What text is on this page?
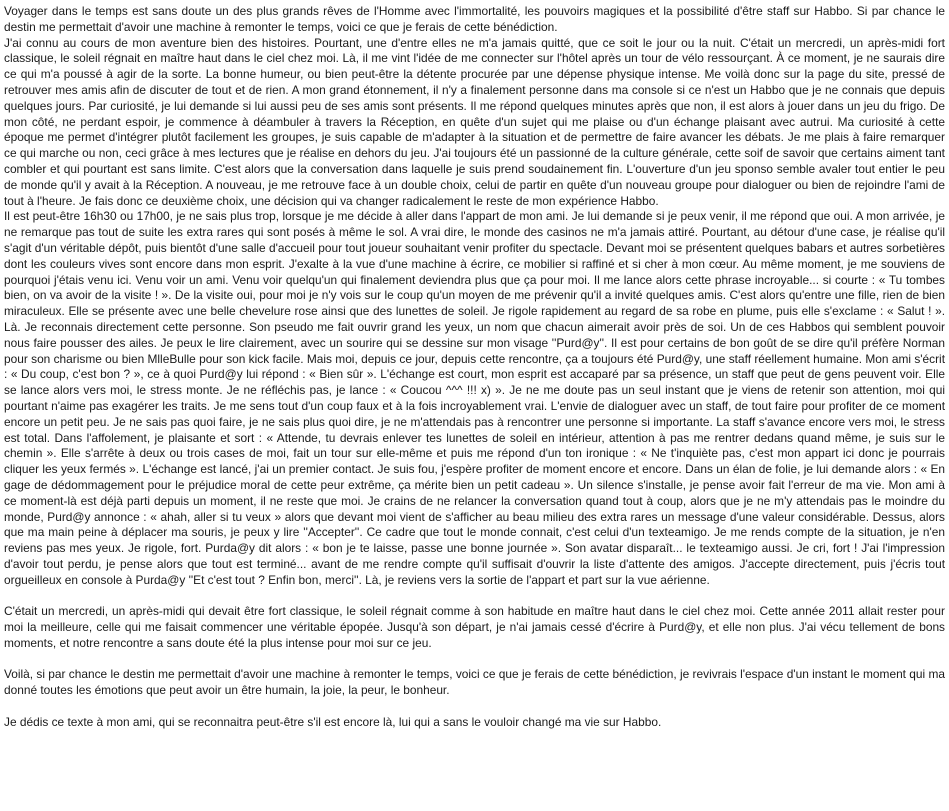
Voyager dans le temps est sans doute un des plus grands rêves de l'Homme avec l'immortalité, les pouvoirs magiques et la possibilité d'être staff sur Habbo. Si par chance le destin me permettait d'avoir une machine à remonter le temps, voici ce que je ferais de cette bénédiction.

J'ai connu au cours de mon aventure bien des histoires. Pourtant, une d'entre elles ne m'a jamais quitté, que ce soit le jour ou la nuit. C'était un mercredi, un après-midi fort classique, le soleil régnait en maître haut dans le ciel chez moi. Là, il me vint l'idée de me connecter sur l'hôtel après un tour de vélo ressourçant. À ce moment, je ne saurais dire ce qui m'a poussé à agir de la sorte. La bonne humeur, ou bien peut-être la détente procurée par une dépense physique intense. Me voilà donc sur la page du site, pressé de retrouver mes amis afin de discuter de tout et de rien. A mon grand étonnement, il n'y a finalement personne dans ma console si ce n'est un Habbo que je ne connais que depuis quelques jours. Par curiosité, je lui demande si lui aussi peu de ses amis sont présents. Il me répond quelques minutes après que non, il est alors à jouer dans un jeu du frigo. De mon côté, ne perdant espoir, je commence à déambuler à travers la Réception, en quête d'un sujet qui me plaise ou d'un échange plaisant avec autrui. Ma curiosité à cette époque me permet d'intégrer plutôt facilement les groupes, je suis capable de m'adapter à la situation et de permettre de faire avancer les débats. Je me plais à faire remarquer ce qui marche ou non, ceci grâce à mes lectures que je réalise en dehors du jeu. J'ai toujours été un passionné de la culture générale, cette soif de savoir que certains aiment tant combler et qui pourtant est sans limite. C'est alors que la conversation dans laquelle je suis prend soudainement fin. L'ouverture d'un jeu sponso semble avaler tout entier le peu de monde qu'il y avait à la Réception. A nouveau, je me retrouve face à un double choix, celui de partir en quête d'un nouveau groupe pour dialoguer ou bien de rejoindre l'ami de tout à l'heure. Je fais donc ce deuxième choix, une décision qui va changer radicalement le reste de mon expérience Habbo.

Il est peut-être 16h30 ou 17h00, je ne sais plus trop, lorsque je me décide à aller dans l'appart de mon ami. Je lui demande si je peux venir, il me répond que oui. A mon arrivée, je ne remarque pas tout de suite les extra rares qui sont posés à même le sol. A vrai dire, le monde des casinos ne m'a jamais attiré. Pourtant, au détour d'une case, je réalise qu'il s'agit d'un véritable dépôt, puis bientôt d'une salle d'accueil pour tout joueur souhaitant venir profiter du spectacle. Devant moi se présentent quelques babars et autres sorbetières dont les couleurs vives sont encore dans mon esprit. J'exalte à la vue d'une machine à écrire, ce mobilier si raffiné et si cher à mon cœur. Au même moment, je me souviens de pourquoi j'étais venu ici. Venu voir un ami. Venu voir quelqu'un qui finalement deviendra plus que ça pour moi. Il me lance alors cette phrase incroyable... si courte : « Tu tombes bien, on va avoir de la visite ! ». De la visite oui, pour moi je n'y vois sur le coup qu'un moyen de me prévenir qu'il a invité quelques amis. C'est alors qu'entre une fille, rien de bien miraculeux. Elle se présente avec une belle chevelure rose ainsi que des lunettes de soleil. Je rigole rapidement au regard de sa robe en plume, puis elle s'exclame : « Salut ! ». Là. Je reconnais directement cette personne. Son pseudo me fait ouvrir grand les yeux, un nom que chacun aimerait avoir près de soi. Un de ces Habbos qui semblent pouvoir nous faire pousser des ailes. Je peux le lire clairement, avec un sourire qui se dessine sur mon visage ''Purd@y''. Il est pour certains de bon goût de se dire qu'il préfère Norman pour son charisme ou bien MlleBulle pour son kick facile. Mais moi, depuis ce jour, depuis cette rencontre, ça a toujours été Purd@y, une staff réellement humaine. Mon ami s'écrit : « Du coup, c'est bon ? », ce à quoi Purd@y lui répond : « Bien sûr ». L'échange est court, mon esprit est accaparé par sa présence, un staff que peut de gens peuvent voir. Elle se lance alors vers moi, le stress monte. Je ne réfléchis pas, je lance : « Coucou ^^^ !!! x) ». Je ne me doute pas un seul instant que je viens de retenir son attention, moi qui pourtant n'aime pas exagérer les traits. Je me sens tout d'un coup faux et à la fois incroyablement vrai. L'envie de dialoguer avec un staff, de tout faire pour profiter de ce moment encore un petit peu. Je ne sais pas quoi faire, je ne sais plus quoi dire, je ne m'attendais pas à rencontrer une personne si importante. La staff s'avance encore vers moi, le stress est total. Dans l'affolement, je plaisante et sort : « Attende, tu devrais enlever tes lunettes de soleil en intérieur, attention à pas me rentrer dedans quand même, je suis sur le chemin ». Elle s'arrête à deux ou trois cases de moi, fait un tour sur elle-même et puis me répond d'un ton ironique : « Ne t'inquiète pas, c'est mon appart ici donc je pourrais cliquer les yeux fermés ». L'échange est lancé, j'ai un premier contact. Je suis fou, j'espère profiter de moment encore et encore. Dans un élan de folie, je lui demande alors : « En gage de dédommagement pour le préjudice moral de cette peur extrême, ça mérite bien un petit cadeau ». Un silence s'installe, je pense avoir fait l'erreur de ma vie. Mon ami à ce moment-là est déjà parti depuis un moment, il ne reste que moi. Je crains de ne relancer la conversation quand tout à coup, alors que je ne m'y attendais pas le moindre du monde, Purd@y annonce : « ahah, aller si tu veux » alors que devant moi vient de s'afficher au beau milieu des extra rares un message d'une valeur considérable. Dessus, alors que ma main peine à déplacer ma souris, je peux y lire ''Accepter''. Ce cadre que tout le monde connait, c'est celui d'un texteamigo. Je me rends compte de la situation, je n'en reviens pas mes yeux. Je rigole, fort. Purda@y dit alors : « bon je te laisse, passe une bonne journée ». Son avatar disparaît... le texteamigo aussi. Je cri, fort ! J'ai l'impression d'avoir tout perdu, je pense alors que tout est terminé... avant de me rendre compte qu'il suffisait d'ouvrir la liste d'attente des amigos. J'accepte directement, puis j'écris tout orgueilleux en console à Purda@y ''Et c'est tout ? Enfin bon, merci''. Là, je reviens vers la sortie de l'appart et part sur la vue aérienne.

C'était un mercredi, un après-midi qui devait être fort classique, le soleil régnait comme à son habitude en maître haut dans le ciel chez moi. Cette année 2011 allait rester pour moi la meilleure, celle qui me faisait commencer une véritable épopée. Jusqu'à son départ, je n'ai jamais cessé d'écrire à Purd@y, et elle non plus. J'ai vécu tellement de bons moments, et notre rencontre a sans doute été la plus intense pour moi sur ce jeu.

Voilà, si par chance le destin me permettait d'avoir une machine à remonter le temps, voici ce que je ferais de cette bénédiction, je revivrais l'espace d'un instant le moment qui ma donné toutes les émotions que peut avoir un être humain, la joie, la peur, le bonheur.

Je dédis ce texte à mon ami, qui se reconnaitra peut-être s'il est encore là, lui qui a sans le vouloir changé ma vie sur Habbo.
